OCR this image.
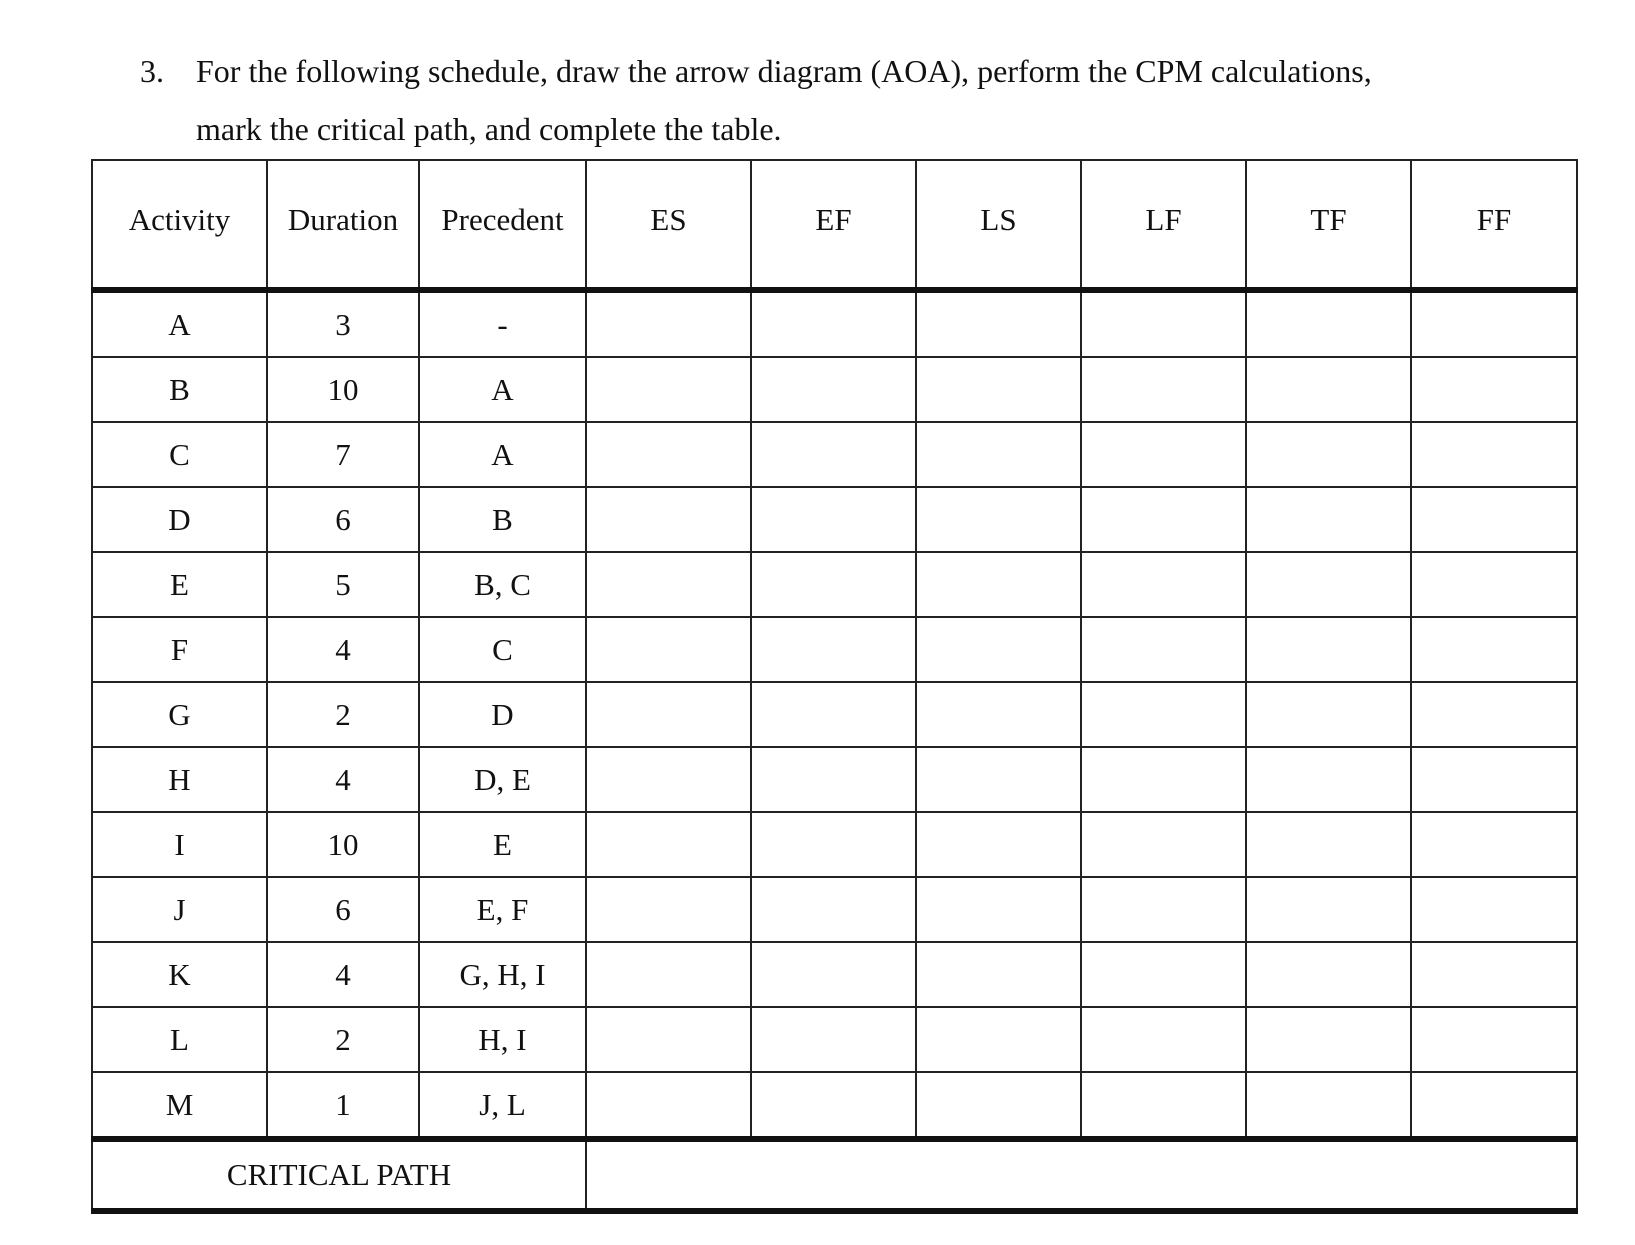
3. For the following schedule, draw the arrow diagram (AOA), perform the CPM calculations,
mark the critical path, and complete the table.
Activity	Duration	Precedent	ES	EF	LS	LF	TF	FF
A	3	-						
B	10	A						
C	7	A						
D	6	B						
E	5	B, C						
F	4	C						
G	2	D						
H	4	D, E						
I	10	E						
J	6	E, F						
K	4	G, H, I						
L	2	H, I						
M	1	J, L						
CRITICAL PATH								
